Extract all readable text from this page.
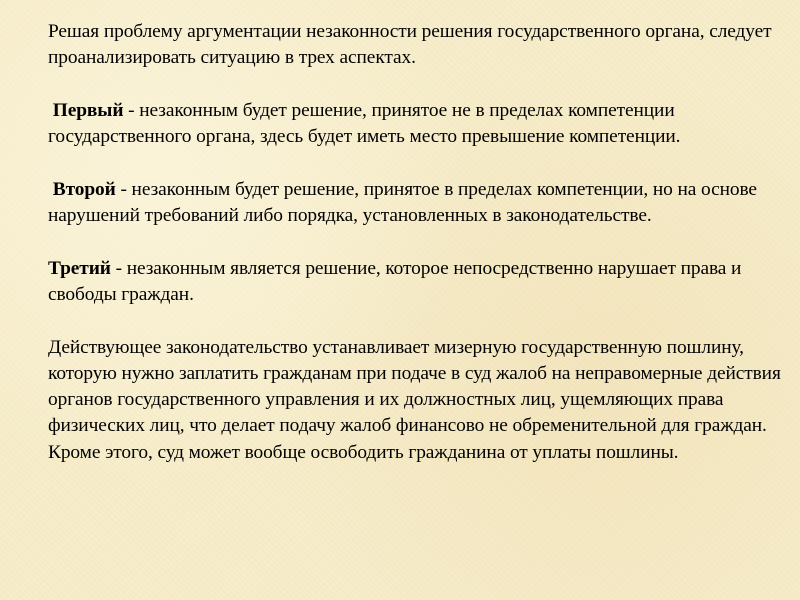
Решая проблему аргументации незаконности решения государственного органа, следует проанализировать ситуацию в трех аспектах.

Первый - незаконным будет решение, принятое не в пределах компетенции государственного органа, здесь будет иметь место превышение компетенции.

Второй - незаконным будет решение, принятое в пределах компетенции, но на основе нарушений требований либо порядка, установленных в законодательстве.

Третий - незаконным является решение, которое непосредственно нарушает права и свободы граждан.

Действующее законодательство устанавливает мизерную государственную пошлину, которую нужно заплатить гражданам при подаче в суд жалоб на неправомерные действия органов государственного управления и их должностных лиц, ущемляющих права физических лиц, что делает подачу жалоб финансово не обременительной для граждан. Кроме этого, суд может вообще освободить гражданина от уплаты пошлины.
